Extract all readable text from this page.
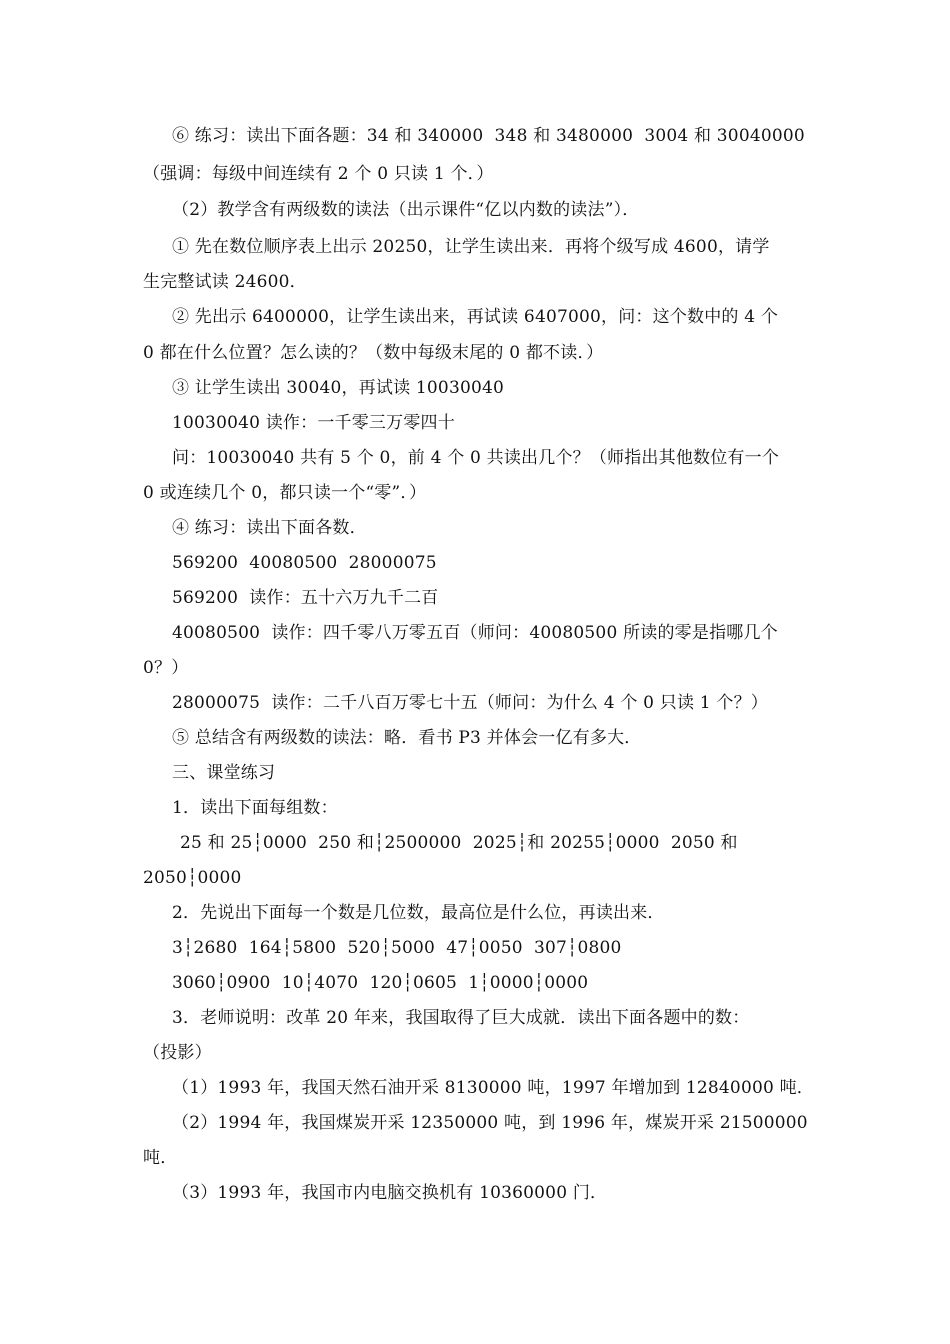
⑥ 练习：读出下面各题：34 和 340000  348 和 3480000  3004 和 30040000
（强调：每级中间连续有 2 个 0 只读 1 个．）
（2）教学含有两级数的读法（出示课件“亿以内数的读法”）．
① 先在数位顺序表上出示 20250，让学生读出来．再将个级写成 4600，请学
生完整试读 24600．
② 先出示 6400000，让学生读出来，再试读 6407000，问：这个数中的 4 个
0 都在什么位置？怎么读的？（数中每级末尾的 0 都不读．）
③ 让学生读出 30040，再试读 10030040
10030040 读作：一千零三万零四十
问：10030040 共有 5 个 0，前 4 个 0 共读出几个？（师指出其他数位有一个
0 或连续几个 0，都只读一个“零”．）
④ 练习：读出下面各数．
569200  40080500  28000075
569200  读作：五十六万九千二百
40080500  读作：四千零八万零五百（师问：40080500 所读的零是指哪几个
0？）
28000075  读作：二千八百万零七十五（师问：为什么 4 个 0 只读 1 个？）
⑤ 总结含有两级数的读法：略．看书 P3 并体会一亿有多大．
三、课堂练习
1．读出下面每组数：
25 和 25┆0000  250 和┆2500000  2025┆和 20255┆0000  2050 和
2050┆0000
2．先说出下面每一个数是几位数，最高位是什么位，再读出来．
3┆2680  164┆5800  520┆5000  47┆0050  307┆0800
3060┆0900  10┆4070  120┆0605  1┆0000┆0000
3．老师说明：改革 20 年来，我国取得了巨大成就．读出下面各题中的数：
（投影）
（1）1993 年，我国天然石油开采 8130000 吨，1997 年增加到 12840000 吨．
（2）1994 年，我国煤炭开采 12350000 吨，到 1996 年，煤炭开采 21500000
吨．
（3）1993 年，我国市内电脑交换机有 10360000 门．
